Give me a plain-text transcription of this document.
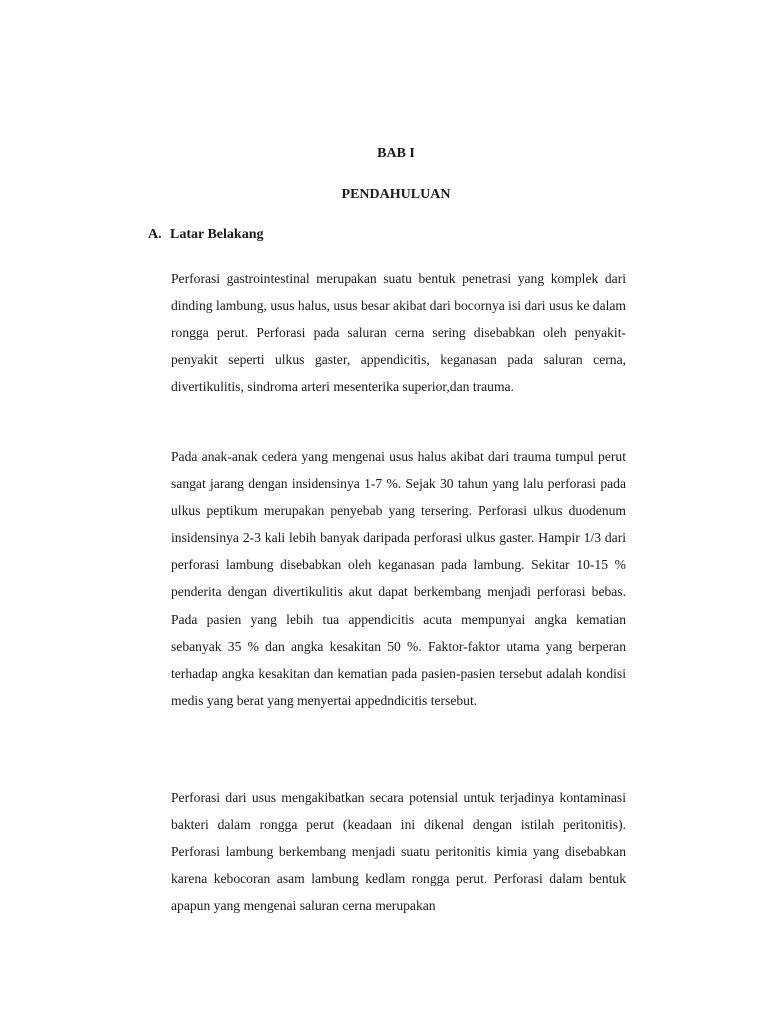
BAB I
PENDAHULUAN
A. Latar Belakang

Perforasi gastrointestinal merupakan suatu bentuk penetrasi yang komplek dari dinding lambung, usus halus, usus besar akibat dari bocornya isi dari usus ke dalam rongga perut. Perforasi pada saluran cerna sering disebabkan oleh penyakit-penyakit seperti ulkus gaster, appendicitis, keganasan pada saluran cerna, divertikulitis, sindroma arteri mesenterika superior,dan trauma.

Pada anak-anak cedera yang mengenai usus halus akibat dari trauma tumpul perut sangat jarang dengan insidensinya 1-7 %. Sejak 30 tahun yang lalu perforasi pada ulkus peptikum merupakan penyebab yang tersering. Perforasi ulkus duodenum insidensinya 2-3 kali lebih banyak daripada perforasi ulkus gaster. Hampir 1/3 dari perforasi lambung disebabkan oleh keganasan pada lambung. Sekitar 10-15 % penderita dengan divertikulitis akut dapat berkembang menjadi perforasi bebas. Pada pasien yang lebih tua appendicitis acuta mempunyai angka kematian sebanyak 35 % dan angka kesakitan 50 %. Faktor-faktor utama yang berperan terhadap angka kesakitan dan kematian pada pasien-pasien tersebut adalah kondisi medis yang berat yang menyertai appedndicitis tersebut.

Perforasi dari usus mengakibatkan secara potensial untuk terjadinya kontaminasi bakteri dalam rongga perut (keadaan ini dikenal dengan istilah peritonitis). Perforasi lambung berkembang menjadi suatu peritonitis kimia yang disebabkan karena kebocoran asam lambung kedlam rongga perut. Perforasi dalam bentuk apapun yang mengenai saluran cerna merupakan
